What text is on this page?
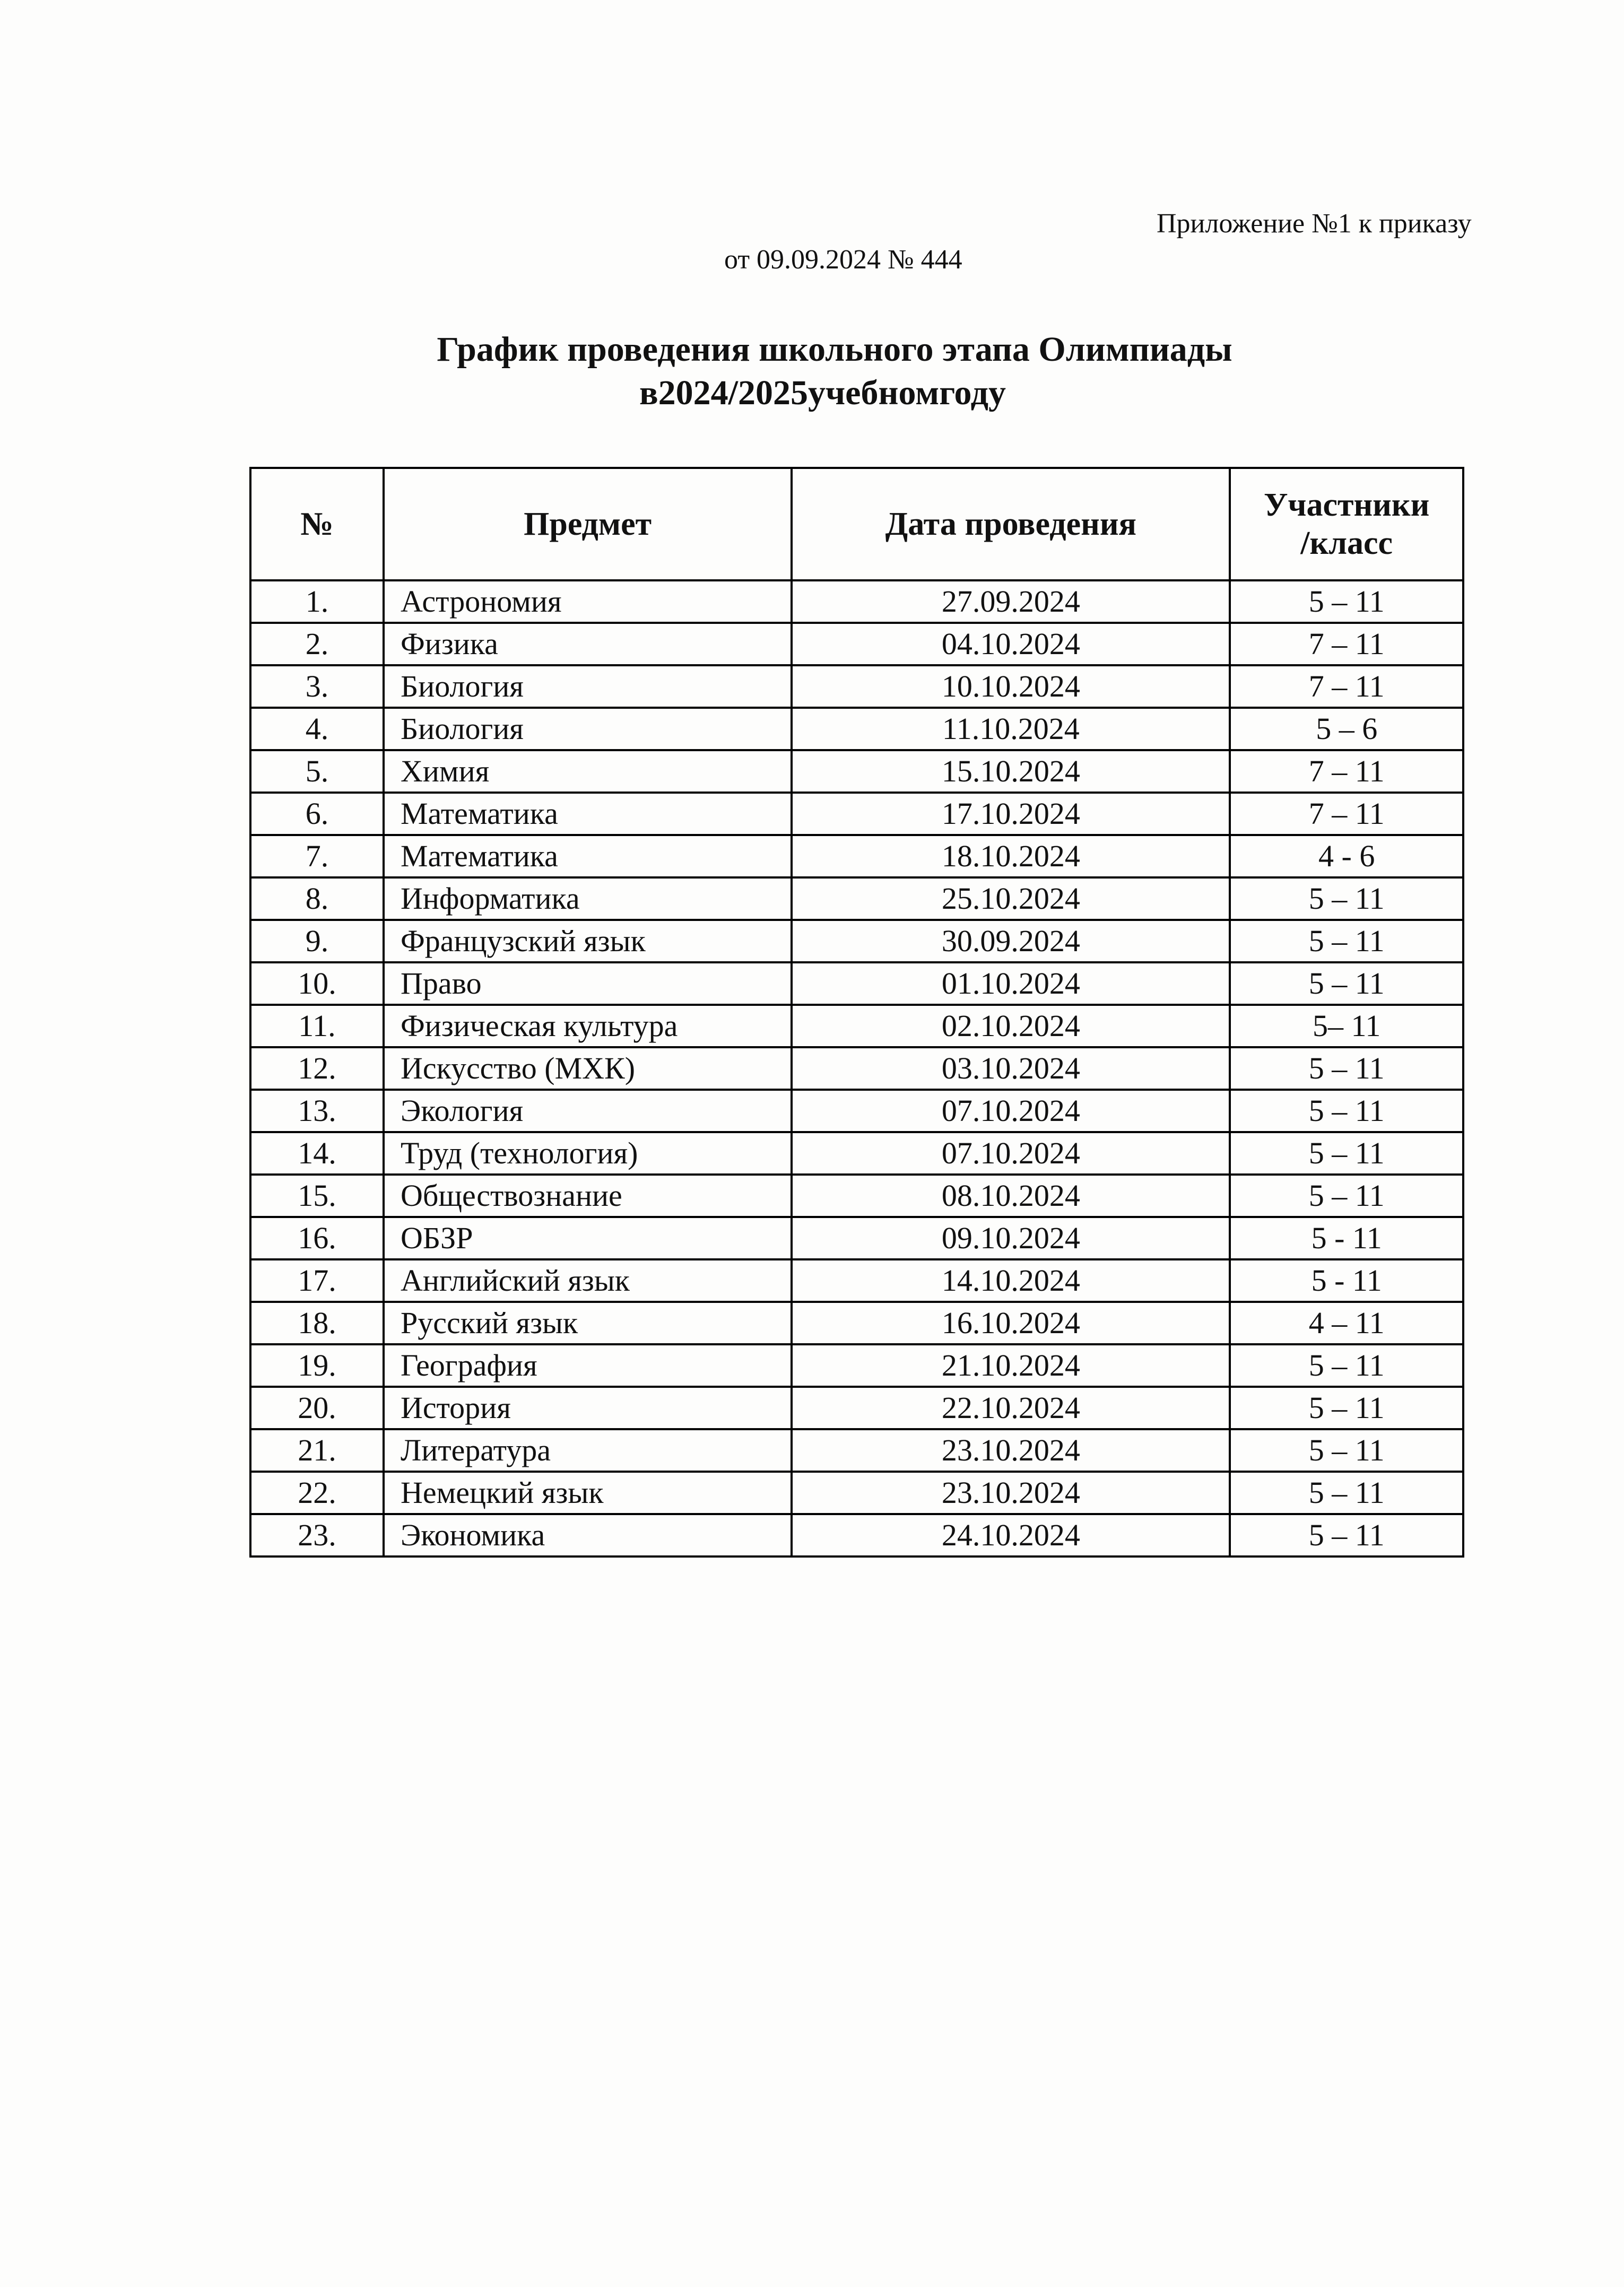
Приложение №1 к приказу
от 09.09.2024 № 444
График проведения школьного этапа Олимпиады
в2024/2025учебномгоду
№	Предмет	Дата проведения	Участники /класс
1.	Астрономия	27.09.2024	5 – 11
2.	Физика	04.10.2024	7 – 11
3.	Биология	10.10.2024	7 – 11
4.	Биология	11.10.2024	5 – 6
5.	Химия	15.10.2024	7 – 11
6.	Математика	17.10.2024	7 – 11
7.	Математика	18.10.2024	4 - 6
8.	Информатика	25.10.2024	5 – 11
9.	Французский язык	30.09.2024	5 – 11
10.	Право	01.10.2024	5 – 11
11.	Физическая культура	02.10.2024	5– 11
12.	Искусство (МХК)	03.10.2024	5 – 11
13.	Экология	07.10.2024	5 – 11
14.	Труд (технология)	07.10.2024	5 – 11
15.	Обществознание	08.10.2024	5 – 11
16.	ОБЗР	09.10.2024	5 - 11
17.	Английский язык	14.10.2024	5 - 11
18.	Русский язык	16.10.2024	4 – 11
19.	География	21.10.2024	5 – 11
20.	История	22.10.2024	5 – 11
21.	Литература	23.10.2024	5 – 11
22.	Немецкий язык	23.10.2024	5 – 11
23.	Экономика	24.10.2024	5 – 11
